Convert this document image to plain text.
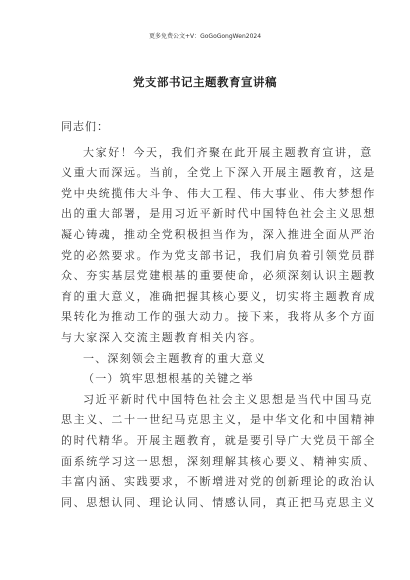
更多免费公文+V：GoGoGongWen2024
党支部书记主题教育宣讲稿

同志们：

大家好！今天，我们齐聚在此开展主题教育宣讲，意
义重大而深远。当前，全党上下深入开展主题教育，这是
党中央统揽伟大斗争、伟大工程、伟大事业、伟大梦想作
出的重大部署，是用习近平新时代中国特色社会主义思想
凝心铸魂，推动全党积极担当作为，深入推进全面从严治
党的必然要求。作为党支部书记，我们肩负着引领党员群
众、夯实基层党建根基的重要使命，必须深刻认识主题教
育的重大意义，准确把握其核心要义，切实将主题教育成
果转化为推动工作的强大动力。接下来，我将从多个方面
与大家深入交流主题教育相关内容。

一、深刻领会主题教育的重大意义

（一）筑牢思想根基的关键之举

习近平新时代中国特色社会主义思想是当代中国马克
思主义、二十一世纪马克思主义，是中华文化和中国精神
的时代精华。开展主题教育，就是要引导广大党员干部全
面系统学习这一思想，深刻理解其核心要义、精神实质、
丰富内涵、实践要求，不断增进对党的创新理论的政治认
同、思想认同、理论认同、情感认同，真正把马克思主义
